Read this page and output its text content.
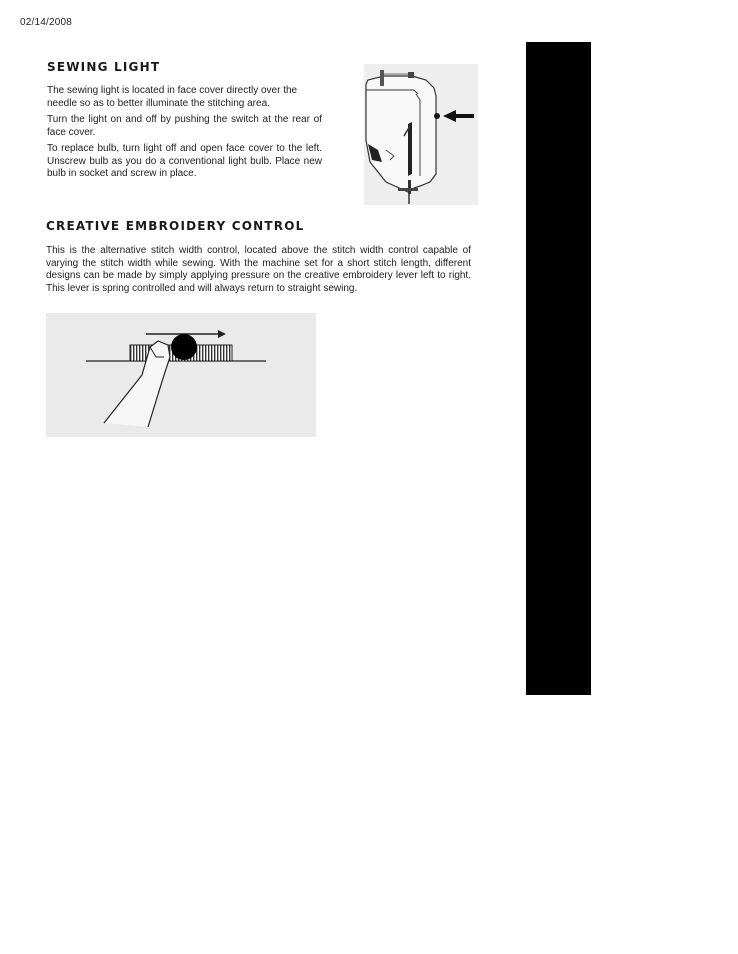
02/14/2008
SEWING LIGHT

The sewing light is located in face cover directly over the needle so as to better illuminate the stitching area.

Turn the light on and off by pushing the switch at the rear of face cover.

To replace bulb, turn light off and open face cover to the left. Unscrew bulb as you do a conventional light bulb. Place new bulb in socket and screw in place.

CREATIVE EMBROIDERY CONTROL

This is the alternative stitch width control, located above the stitch width control capable of varying the stitch width while sewing. With the machine set for a short stitch length, different designs can be made by simply applying pressure on the creative embroidery lever left to right. This lever is spring controlled and will always return to straight sewing.
